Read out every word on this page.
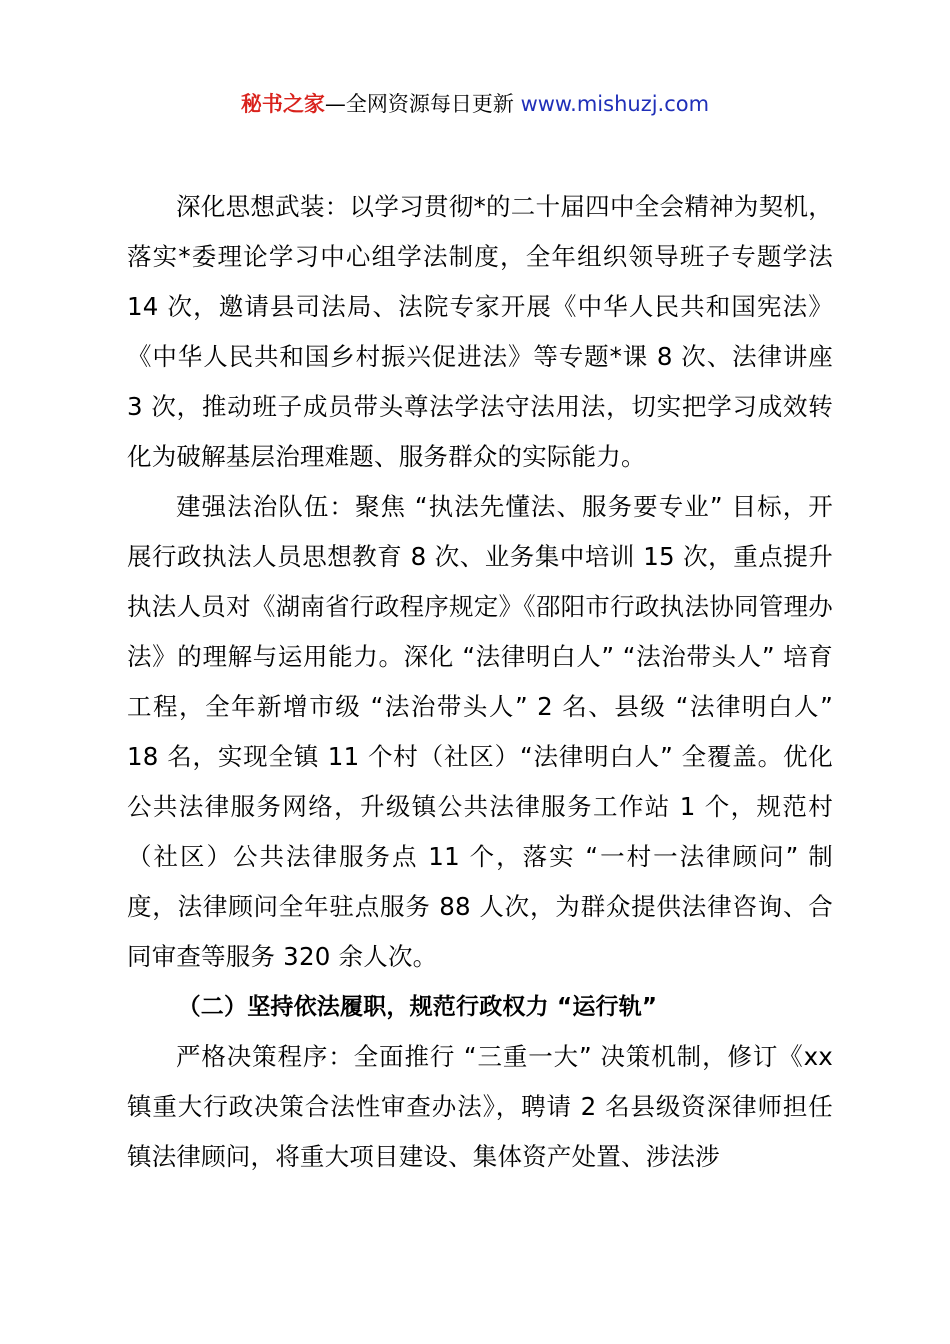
秘书之家—全网资源每日更新 www.mishuzj.com

深化思想武装：以学习贯彻*的二十届四中全会精神为契机，落实*委理论学习中心组学法制度，全年组织领导班子专题学法 14 次，邀请县司法局、法院专家开展《中华人民共和国宪法》《中华人民共和国乡村振兴促进法》等专题*课 8 次、法律讲座 3 次，推动班子成员带头尊法学法守法用法，切实把学习成效转化为破解基层治理难题、服务群众的实际能力。

建强法治队伍：聚焦 “执法先懂法、服务要专业” 目标，开展行政执法人员思想教育 8 次、业务集中培训 15 次，重点提升执法人员对《湖南省行政程序规定》《邵阳市行政执法协同管理办法》的理解与运用能力。深化 “法律明白人” “法治带头人” 培育工程，全年新增市级 “法治带头人” 2 名、县级 “法律明白人” 18 名，实现全镇 11 个村（社区）“法律明白人” 全覆盖。优化公共法律服务网络，升级镇公共法律服务工作站 1 个，规范村（社区）公共法律服务点 11 个，落实 “一村一法律顾问” 制度，法律顾问全年驻点服务 88 人次，为群众提供法律咨询、合同审查等服务 320 余人次。

（二）坚持依法履职，规范行政权力 “运行轨”

严格决策程序：全面推行 “三重一大” 决策机制，修订《xx 镇重大行政决策合法性审查办法》，聘请 2 名县级资深律师担任镇法律顾问，将重大项目建设、集体资产处置、涉法涉
